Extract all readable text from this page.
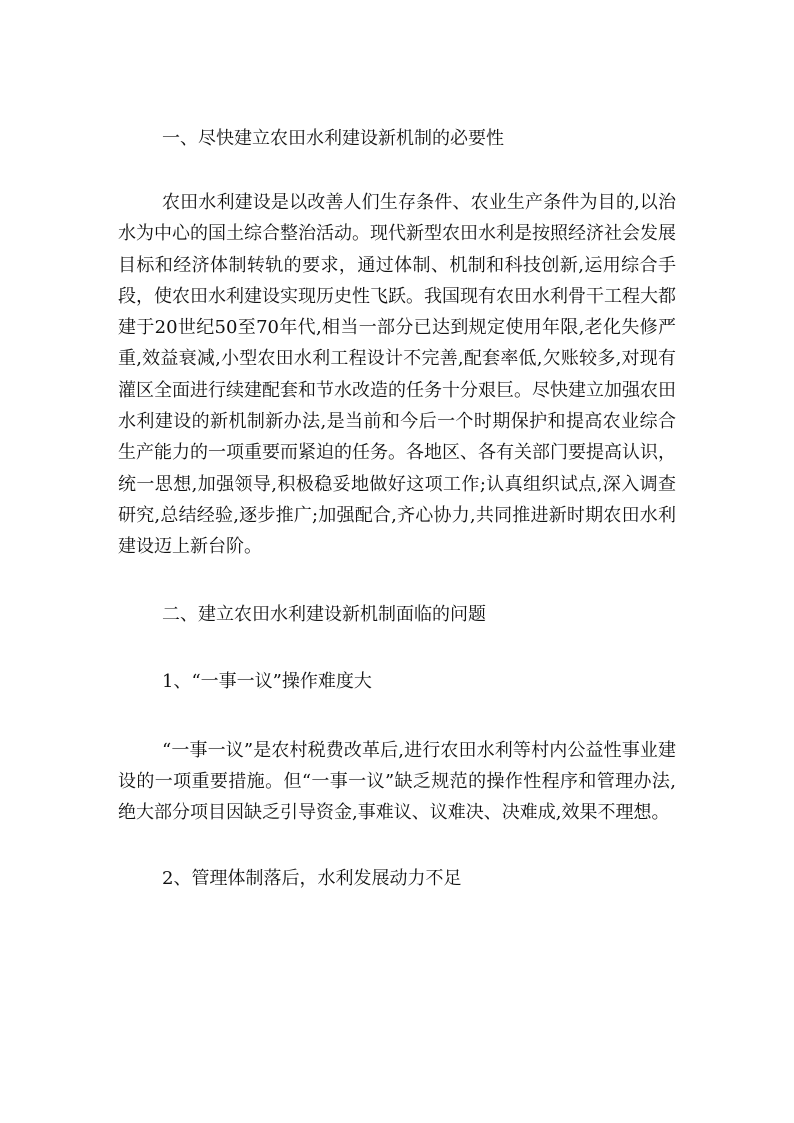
一、尽快建立农田水利建设新机制的必要性

农田水利建设是以改善人们生存条件、农业生产条件为目的,以治水为中心的国土综合整治活动。现代新型农田水利是按照经济社会发展目标和经济体制转轨的要求，通过体制、机制和科技创新,运用综合手段，使农田水利建设实现历史性飞跃。我国现有农田水利骨干工程大都建于20世纪50至70年代,相当一部分已达到规定使用年限,老化失修严重,效益衰减,小型农田水利工程设计不完善,配套率低,欠账较多,对现有灌区全面进行续建配套和节水改造的任务十分艰巨。尽快建立加强农田水利建设的新机制新办法,是当前和今后一个时期保护和提高农业综合生产能力的一项重要而紧迫的任务。各地区、各有关部门要提高认识，统一思想,加强领导,积极稳妥地做好这项工作;认真组织试点,深入调查研究,总结经验,逐步推广;加强配合,齐心协力,共同推进新时期农田水利建设迈上新台阶。

二、建立农田水利建设新机制面临的问题

1、“一事一议”操作难度大

“一事一议”是农村税费改革后,进行农田水利等村内公益性事业建设的一项重要措施。但“一事一议”缺乏规范的操作性程序和管理办法,绝大部分项目因缺乏引导资金,事难议、议难决、决难成,效果不理想。

2、管理体制落后，水利发展动力不足
